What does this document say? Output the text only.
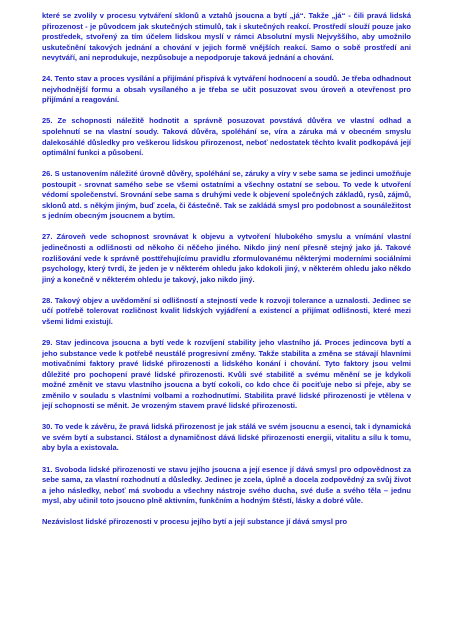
které se zvolily v procesu vytváření sklonů a vztahů jsoucna a bytí „já“. Takže „já“ - čili pravá lidská přirozenost - je původcem jak skutečných stimulů, tak i skutečných reakcí. Prostředí slouží pouze jako prostředek, stvořený za tím účelem lidskou myslí v rámci Absolutní mysli Nejvyššího, aby umožnilo uskutečnění takových jednání a chování v jejich formě vnějších reakcí. Samo o sobě prostředí ani nevytváří, ani neprodukuje, nezpůsobuje a nepodporuje taková jednání a chování.

24. Tento stav a proces vysílání a přijímání přispívá k vytváření hodnocení a soudů. Je třeba odhadnout nejvhodnější formu a obsah vysílaného a je třeba se učit posuzovat svou úroveň a otevřenost pro přijímání a reagování.

25. Ze schopnosti náležitě hodnotit a správně posuzovat povstává důvěra ve vlastní odhad a spolehnutí se na vlastní soudy. Taková důvěra, spoléhání se, víra a záruka má v obecném smyslu dalekosáhlé důsledky pro veškerou lidskou přirozenost, neboť nedostatek těchto kvalit podkopává její optimální funkci a působení.

26. S ustanovením náležité úrovně důvěry, spoléhání se, záruky a víry v sebe sama se jedinci umožňuje postoupit - srovnat samého sebe se všemi ostatními a všechny ostatní se sebou. To vede k utvoření védomí společenství. Srovnání sebe sama s druhými vede k objevení společných základů, rysů, zájmů, sklonů atd. s někým jiným, buď zcela, či částečně. Tak se zakládá smysl pro podobnost a sounáležitost s jedním obecným jsoucnem a bytím.

27. Zároveň vede schopnost srovnávat k objevu a vytvoření hlubokého smyslu a vnímání vlastní jedinečnosti a odlišnosti od někoho či něčeho jiného. Nikdo jiný není přesně stejný jako já. Takové rozlišování vede k správně posttřehujícímu pravidlu zformulovanému některými moderními sociálními psychology, který tvrdí, že jeden je v některém ohledu jako kdokoli jiný, v některém ohledu jako někdo jiný a konečně v některém ohledu je takový, jako nikdo jiný.

28. Takový objev a uvědomění si odlišností a stejností vede k rozvoji tolerance a uznalosti. Jedinec se učí potřebě tolerovat rozličnost kvalit lidských vyjádření a existencí a přijímat odlišnosti, které mezi všemi lidmi existují.

29. Stav jedincova jsoucna a bytí vede k rozvíjení stability jeho vlastního já. Proces jedincova bytí a jeho substance vede k potřebě neustálé progresivní změny. Takže stabilita a změna se stávají hlavními motivačními faktory pravé lidské přirozenosti a lidského konání i chování. Tyto faktory jsou velmi důležité pro pochopení pravé lidské přirozenosti. Kvůli své stabilitě a svému měnění se je kdykoli možné změnit ve stavu vlastního jsoucna a bytí cokoli, co kdo chce či pociťuje nebo si přeje, aby se změnilo v souladu s vlastními volbami a rozhodnutími. Stabilita pravé lidské přirozenosti je vtělena v její schopnosti se měnit. Je vrozeným stavem pravé lidské přirozenosti.

30. To vede k závěru, že pravá lidská přirozenost je jak stálá ve svém jsoucnu a esenci, tak i dynamická ve svém bytí a substanci. Stálost a dynamičnost dává lidské přirozenosti energii, vitalitu a sílu k tomu, aby byla a existovala.

31. Svoboda lidské přirozenosti ve stavu jejího jsoucna a její esence jí dává smysl pro odpovědnost za sebe sama, za vlastní rozhodnutí a důsledky. Jedinec je zcela, úplně a docela zodpovědný za svůj život a jeho následky, neboť má svobodu a všechny nástroje svého ducha, své duše a svého těla – jednu mysl, aby učinil toto jsoucno plně aktivním, funkčním a hodným štěstí, lásky a dobré vůle.

Nezávislost lidské přirozenosti v procesu jejího bytí a její substance jí dává smysl pro
